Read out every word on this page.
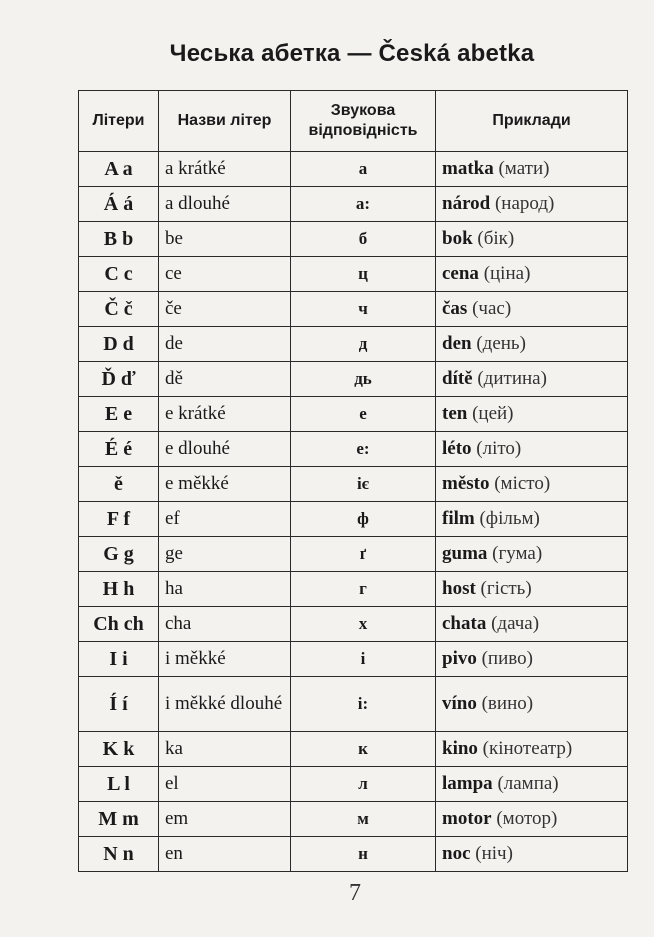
Чеська абетка — Česká abetka
Літери	Назви літер	Звукова відповідність	Приклади
A a	a krátké	а	matka (мати)
Á á	a dlouhé	а:	národ (народ)
B b	be	б	bok (бік)
C c	ce	ц	cena (ціна)
Č č	če	ч	čas (час)
D d	de	д	den (день)
Ď ď	dě	дь	dítě (дитина)
E e	e krátké	е	ten (цей)
É é	e dlouhé	е:	léto (літо)
ě	e měkké	іє	město (місто)
F f	ef	ф	film (фільм)
G g	ge	ґ	guma (гума)
H h	ha	г	host (гість)
Ch ch	cha	х	chata (дача)
I i	i měkké	і	pivo (пиво)
Í í	i měkké dlouhé	і:	víno (вино)
K k	ka	к	kino (кінотеатр)
L l	el	л	lampa (лампа)
M m	em	м	motor (мотор)
N n	en	н	noc (ніч)
7
